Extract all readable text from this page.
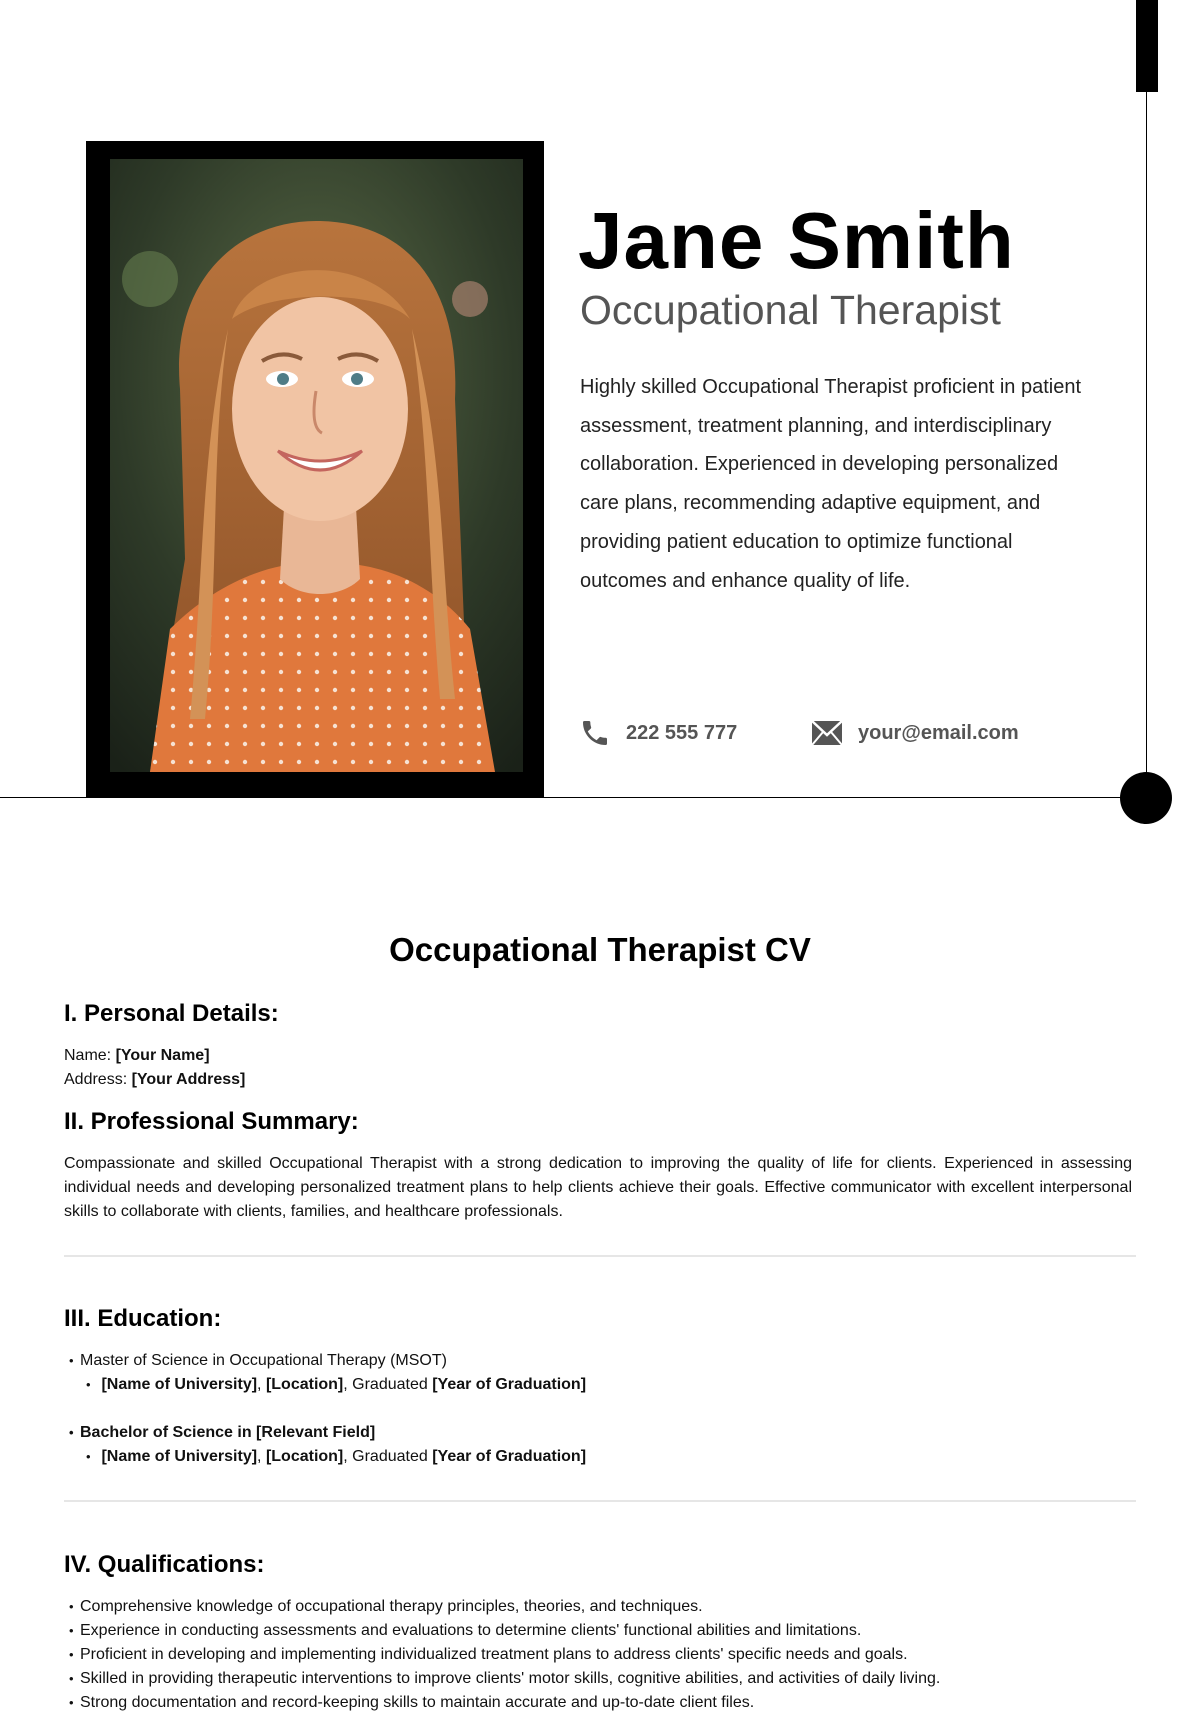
Jane Smith
Occupational Therapist
Highly skilled Occupational Therapist proficient in patient assessment, treatment planning, and interdisciplinary collaboration. Experienced in developing personalized care plans, recommending adaptive equipment, and providing patient education to optimize functional outcomes and enhance quality of life.
222 555 777	your@email.com
Occupational Therapist CV
I. Personal Details:
Name: [Your Name]
Address: [Your Address]
II. Professional Summary:
Compassionate and skilled Occupational Therapist with a strong dedication to improving the quality of life for clients. Experienced in assessing individual needs and developing personalized treatment plans to help clients achieve their goals. Effective communicator with excellent interpersonal skills to collaborate with clients, families, and healthcare professionals.
III. Education:
• Master of Science in Occupational Therapy (MSOT)
• [Name of University], [Location], Graduated [Year of Graduation]
• Bachelor of Science in [Relevant Field]
• [Name of University], [Location], Graduated [Year of Graduation]
IV. Qualifications:
• Comprehensive knowledge of occupational therapy principles, theories, and techniques.
• Experience in conducting assessments and evaluations to determine clients' functional abilities and limitations.
• Proficient in developing and implementing individualized treatment plans to address clients' specific needs and goals.
• Skilled in providing therapeutic interventions to improve clients' motor skills, cognitive abilities, and activities of daily living.
• Strong documentation and record-keeping skills to maintain accurate and up-to-date client files.
